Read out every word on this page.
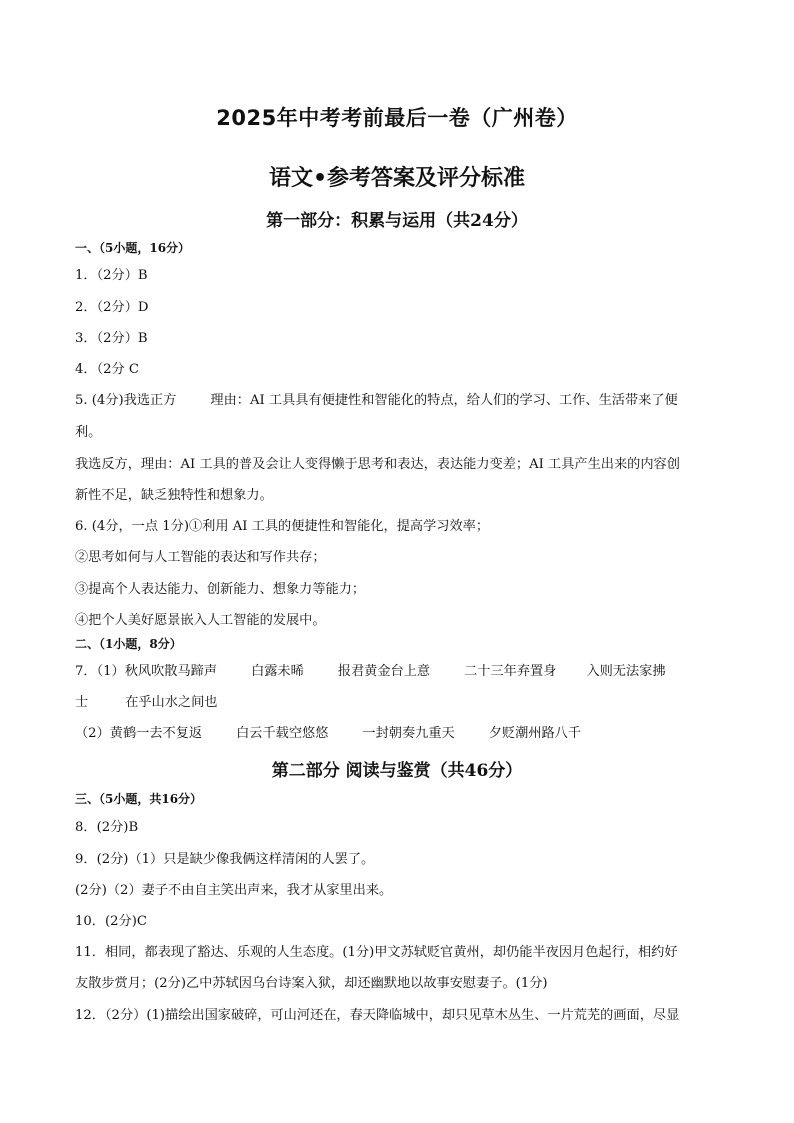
2025年中考考前最后一卷（广州卷）
语文•参考答案及评分标准
第一部分：积累与运用（共24分）
一、（5小题，16分）
1．（2分）B
2．（2分）D
3．（2分）B
4．（2分 C
5. (4分)我选正方	理由：AI 工具具有便捷性和智能化的特点，给人们的学习、工作、生活带来了便
利。
我选反方，理由：AI 工具的普及会让人变得懒于思考和表达，表达能力变差；AI 工具产生出来的内容创
新性不足，缺乏独特性和想象力。
6. (4分，一点 1分)①利用 AI 工具的便捷性和智能化，提高学习效率；
②思考如何与人工智能的表达和写作共存；
③提高个人表达能力、创新能力、想象力等能力；
④把个人美好愿景嵌入人工智能的发展中。
二、（1小题，8分）
7．（1）秋风吹散马蹄声	白露未晞	报君黄金台上意	二十三年弃置身 入则无法家拂
士	在乎山水之间也
（2）黄鹤一去不复返	白云千载空悠悠	一封朝奏九重天	夕贬潮州路八千
第二部分 阅读与鉴赏（共46分）
三、（5小题，共16分）
8．(2分)B
9．(2分)（1）只是缺少像我俩这样清闲的人罢了。
(2分)（2）妻子不由自主笑出声来，我才从家里出来。
10．(2分)C
11．相同，都表现了豁达、乐观的人生态度。(1分)甲文苏轼贬官黄州，却仍能半夜因月色起行，相约好
友散步赏月；(2分)乙中苏轼因乌台诗案入狱，却还幽默地以故事安慰妻子。(1分)
12．（2分）(1)描绘出国家破碎，可山河还在，春天降临城中，却只见草木丛生、一片荒芜的画面，尽显
